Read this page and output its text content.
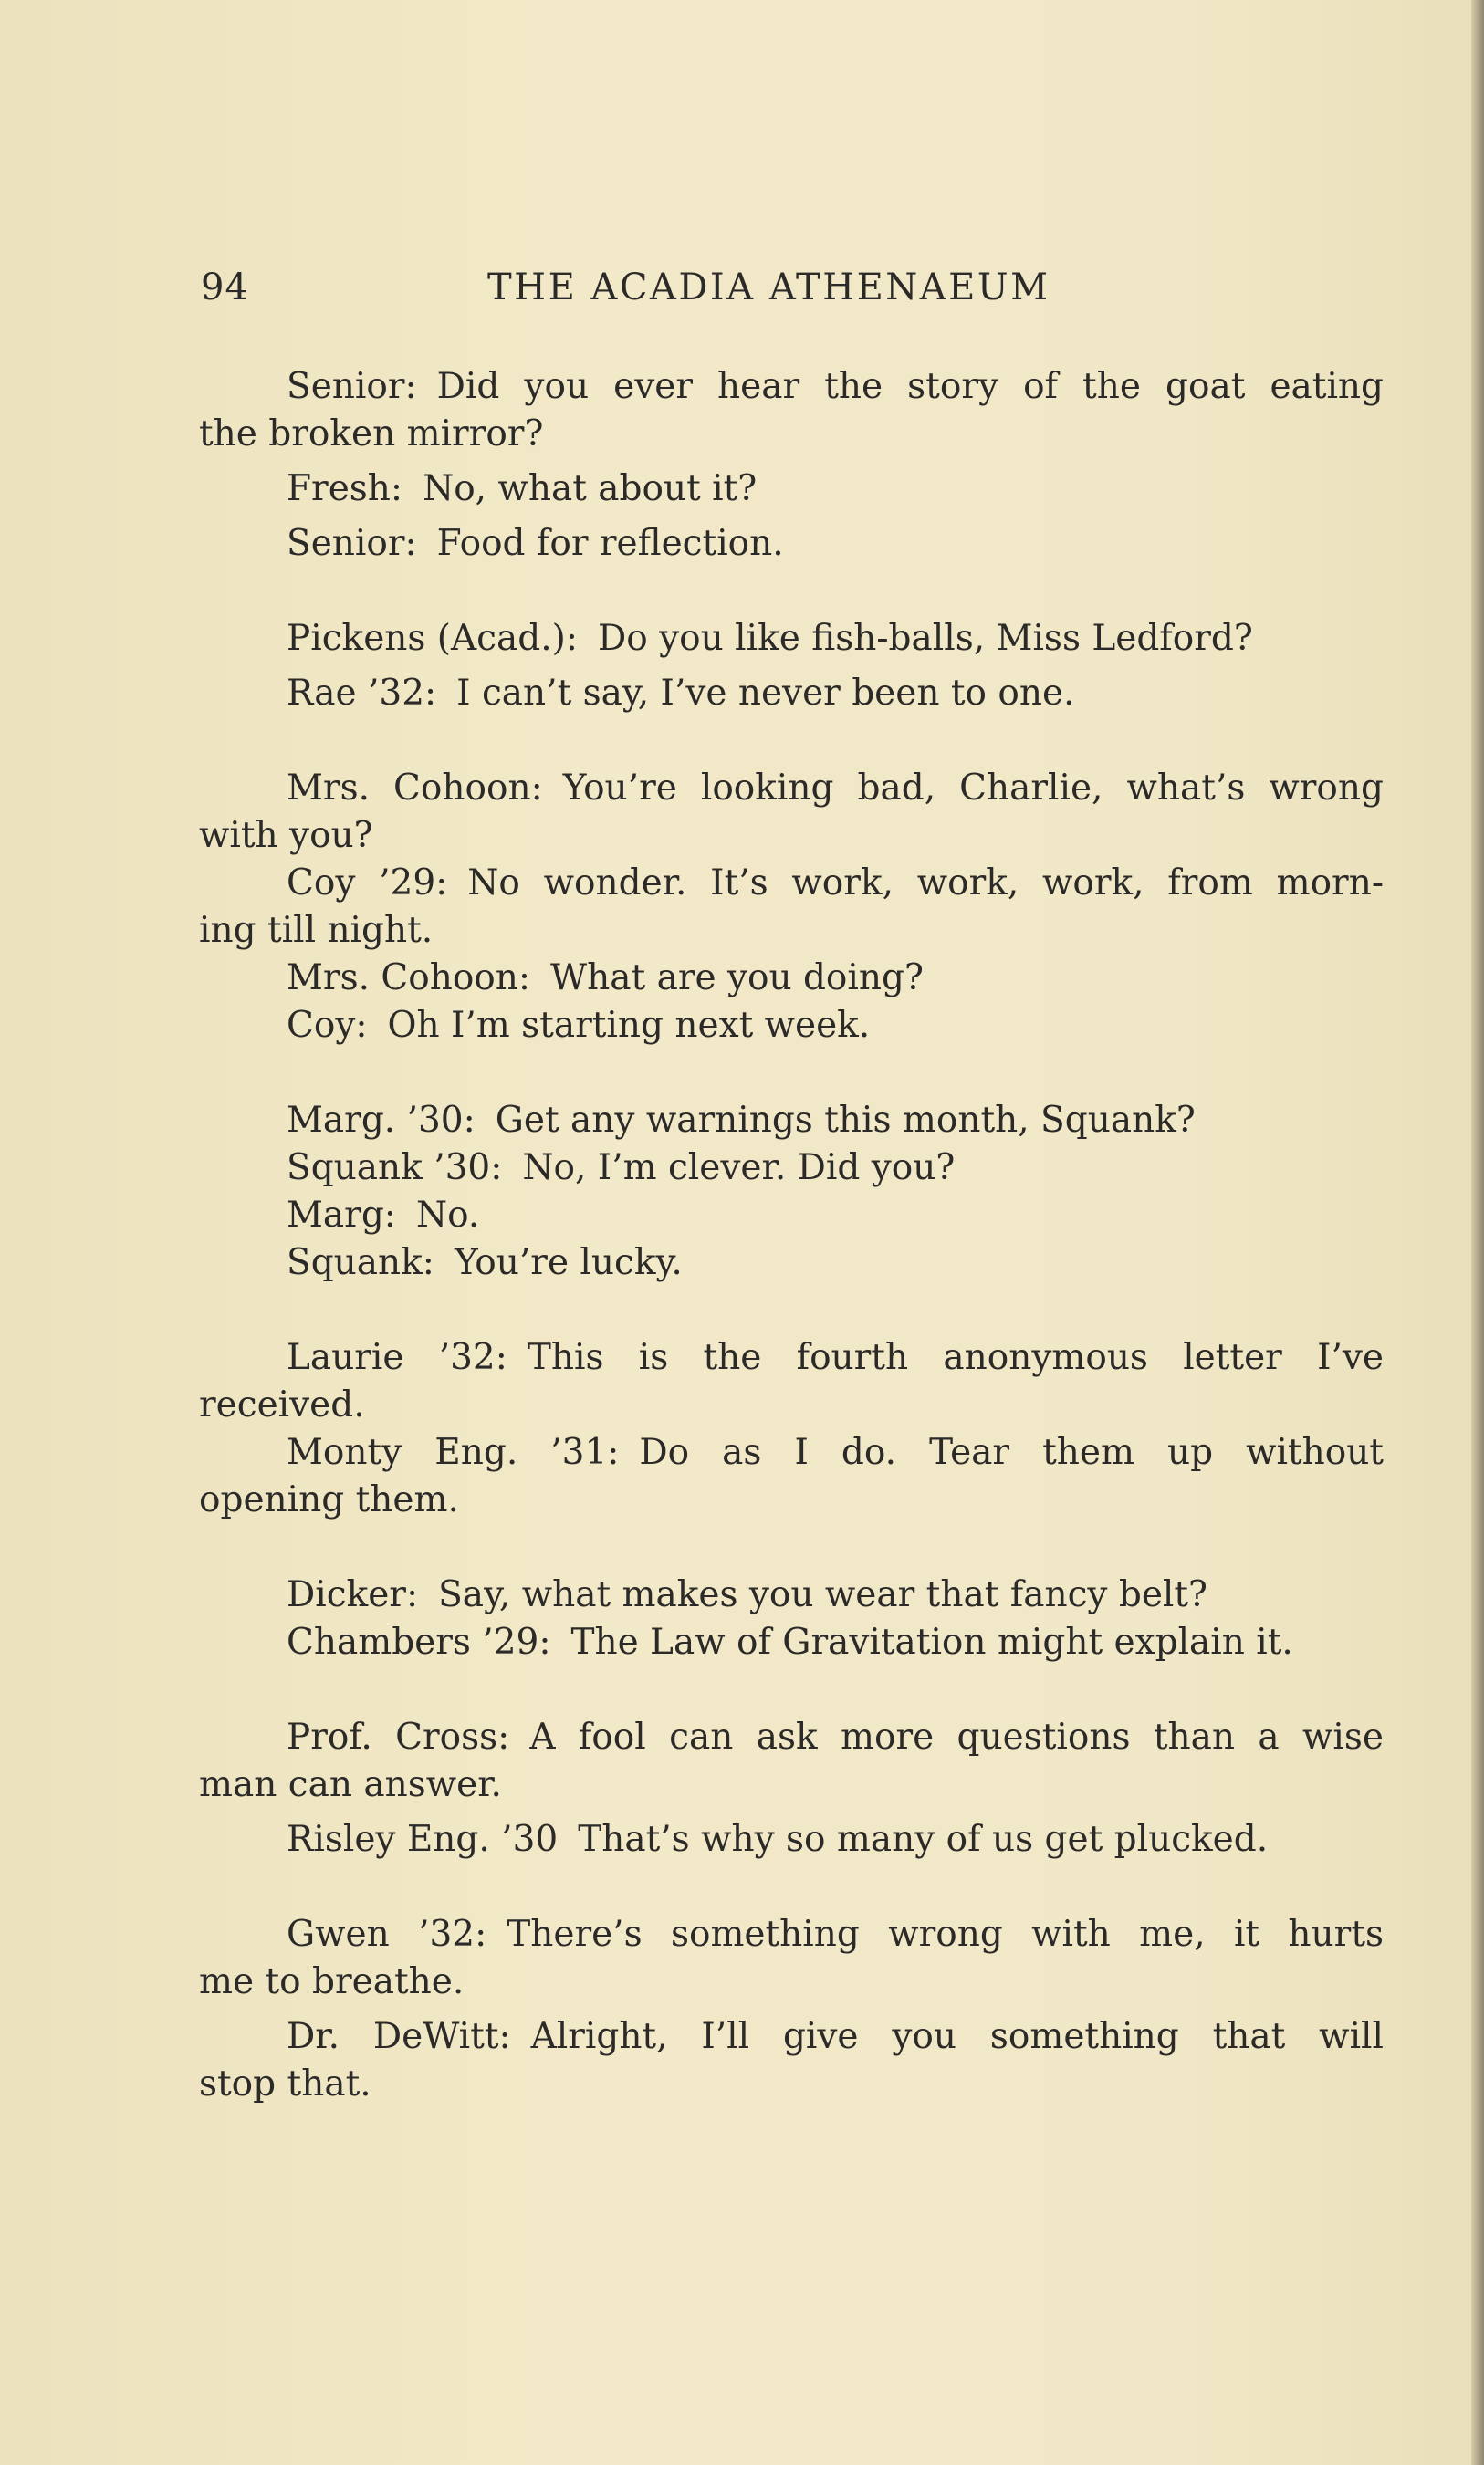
94	THE ACADIA ATHENAEUM
Senior: Did you ever hear the story of the goat eating
the broken mirror?
Fresh: No, what about it?
Senior: Food for reflection.
Pickens (Acad.): Do you like fish-balls, Miss Ledford?
Rae ’32: I can’t say, I’ve never been to one.
Mrs. Cohoon: You’re looking bad, Charlie, what’s wrong
with you?
Coy ’29: No wonder. It’s work, work, work, from morn-
ing till night.
Mrs. Cohoon: What are you doing?
Coy: Oh I’m starting next week.
Marg. ’30: Get any warnings this month, Squank?
Squank ’30: No, I’m clever. Did you?
Marg: No.
Squank: You’re lucky.
Laurie ’32: This is the fourth anonymous letter I’ve
received.
Monty Eng. ’31: Do as I do. Tear them up without
opening them.
Dicker: Say, what makes you wear that fancy belt?
Chambers ’29: The Law of Gravitation might explain it.
Prof. Cross: A fool can ask more questions than a wise
man can answer.
Risley Eng. ’30 That’s why so many of us get plucked.
Gwen ’32: There’s something wrong with me, it hurts
me to breathe.
Dr. DeWitt: Alright, I’ll give you something that will
stop that.
